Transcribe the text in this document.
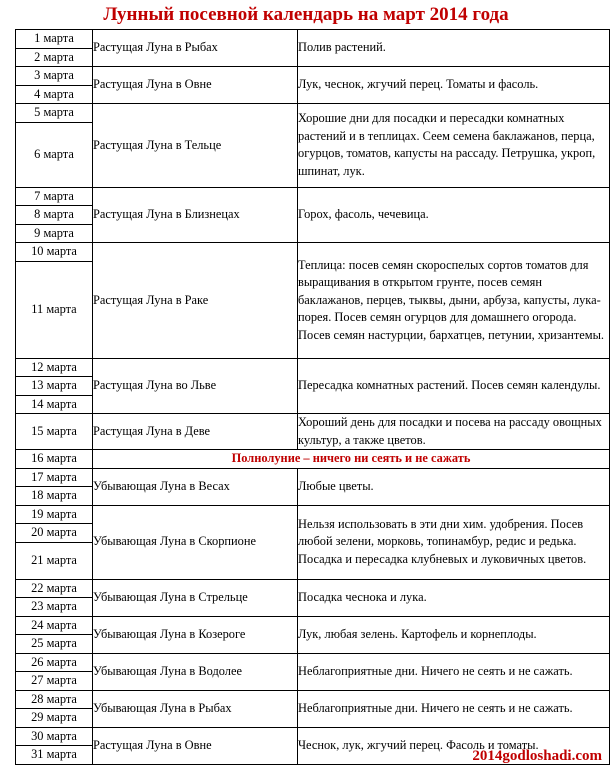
Лунный посевной календарь на март 2014 года
1 марта	Растущая Луна в Рыбах	Полив растений.
2 марта		
3 марта	Растущая Луна в Овне	Лук, чеснок, жгучий перец. Томаты и фасоль.
4 марта		
5 марта	Растущая Луна в Тельце	Хорошие дни для посадки и пересадки комнатных растений и в теплицах. Сеем семена баклажанов, перца, огурцов, томатов, капусты на рассаду. Петрушка, укроп, шпинат, лук.
6 марта		
7 марта	Растущая Луна в Близнецах	Горох, фасоль, чечевица.
8 марта		
9 марта		
10 марта	Растущая Луна в Раке	Теплица: посев семян скороспелых сортов томатов для выращивания в открытом грунте, посев семян баклажанов, перцев, тыквы, дыни, арбуза, капусты, лука-порея. Посев семян огурцов для домашнего огорода. Посев семян настурции, бархатцев, петунии, хризантемы.
11 марта		
12 марта	Растущая Луна во Льве	Пересадка комнатных растений. Посев семян календулы.
13 марта		
14 марта		
15 марта	Растущая Луна в Деве	Хороший день для посадки и посева на рассаду овощных культур, а также цветов.
16 марта	Полнолуние – ничего ни сеять и не сажать	
17 марта	Убывающая Луна в Весах	Любые цветы.
18 марта		
19 марта	Убывающая Луна в Скорпионе	Нельзя использовать в эти дни хим. удобрения. Посев любой зелени, морковь, топинамбур, редис и редька. Посадка и пересадка клубневых и луковичных цветов.
20 марта		
21 марта		
22 марта	Убывающая Луна в Стрельце	Посадка чеснока и лука.
23 марта		
24 марта	Убывающая Луна в Козероге	Лук, любая зелень. Картофель и корнеплоды.
25 марта		
26 марта	Убывающая Луна в Водолее	Неблагоприятные дни. Ничего не сеять и не сажать.
27 марта		
28 марта	Убывающая Луна в Рыбах	Неблагоприятные дни. Ничего не сеять и не сажать.
29 марта		
30 марта	Растущая Луна в Овне	Чеснок, лук, жгучий перец. Фасоль и томаты.
31 марта			2014godloshadi.com
